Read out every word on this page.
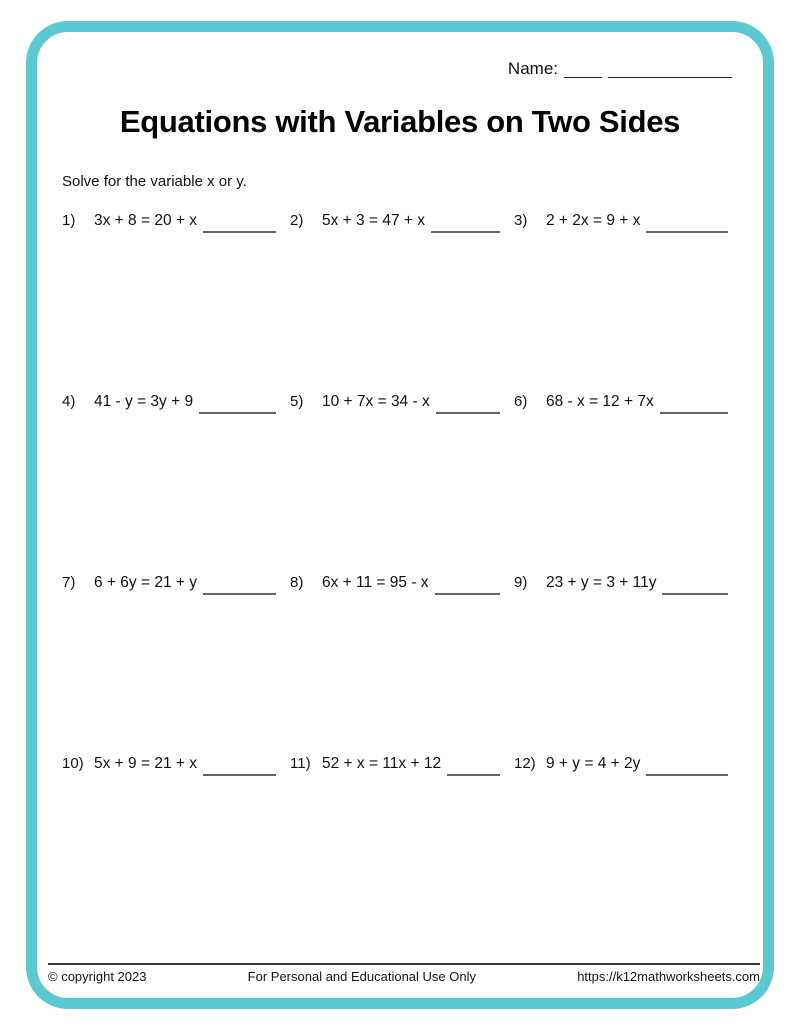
Name:
Equations with Variables on Two Sides
Solve for the variable x or y.
1)	3x + 8 = 20 + x	2)	5x + 3 = 47 + x	3)	2 + 2x = 9 + x
4)	41 - y = 3y + 9	5)	10 + 7x = 34 - x	6)	68 - x = 12 + 7x
7)	6 + 6y = 21 + y	8)	6x + 11 = 95 - x	9)	23 + y = 3 + 11y
10) 5x + 9 = 21 + x	11) 52 + x = 11x + 12	12) 9 + y = 4 + 2y
© copyright 2023	For Personal and Educational Use Only	https://k12mathworksheets.com
